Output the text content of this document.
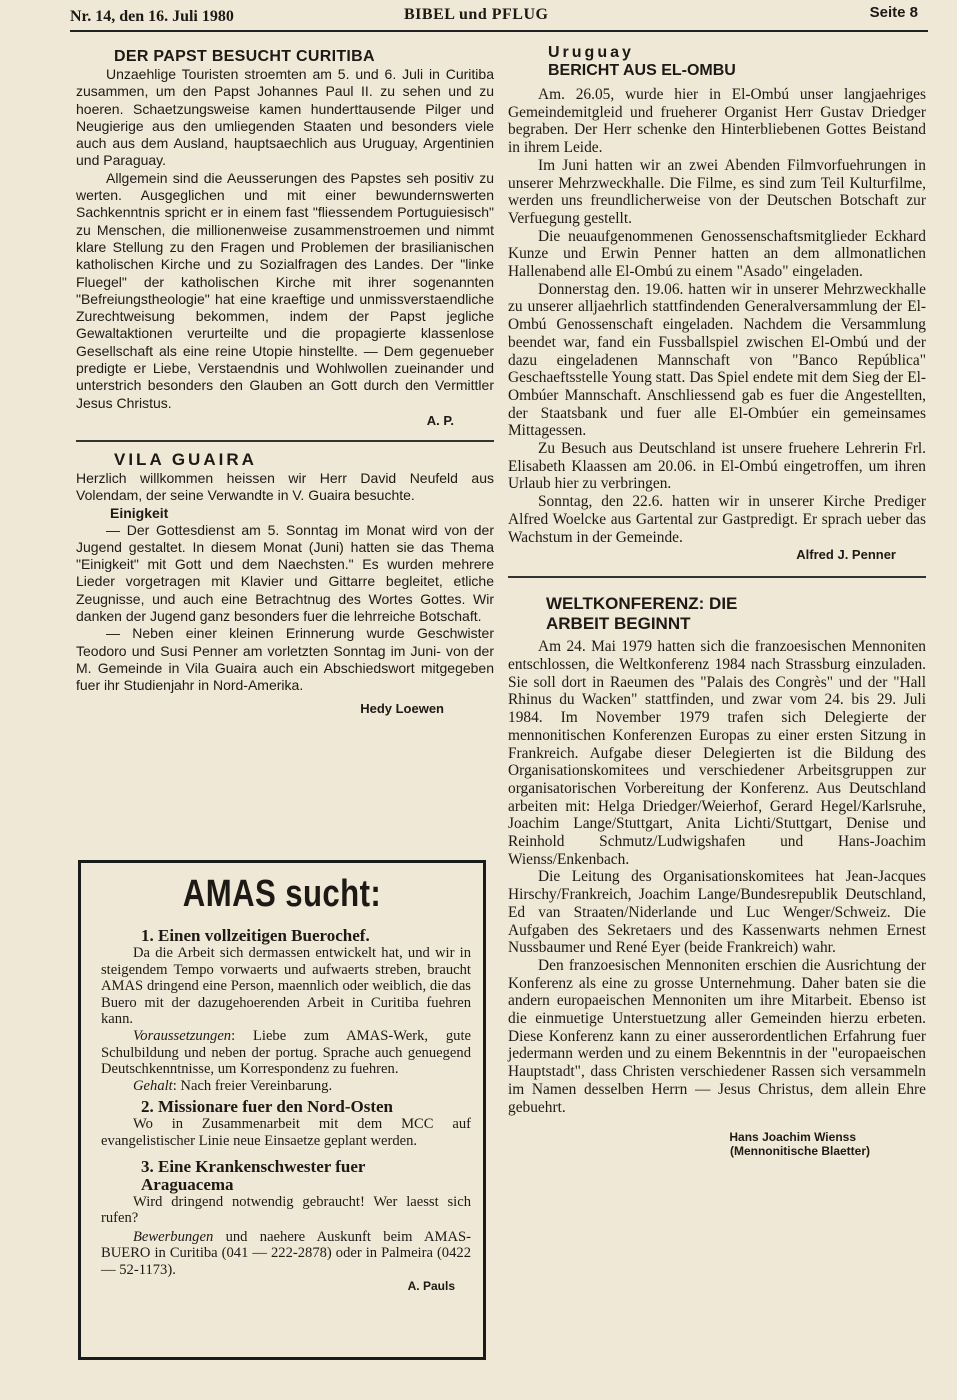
Nr. 14, den 16. Juli 1980	BIBEL und PFLUG	Seite 8
DER PAPST BESUCHT CURITIBA

Unzaehlige Touristen stroemten am 5. und 6. Juli in Curitiba zusammen, um den Papst Johannes Paul II. zu sehen und zu hoeren. Schaetzungsweise kamen hunderttausende Pilger und Neugierige aus den umliegenden Staaten und besonders viele auch aus dem Ausland, hauptsaechlich aus Uruguay, Argentinien und Paraguay.

Allgemein sind die Aeusserungen des Papstes seh positiv zu werten. Ausgeglichen und mit einer bewundernswerten Sachkenntnis spricht er in einem fast "fliessendem Portuguiesisch" zu Menschen, die millionenweise zusammenstroemen und nimmt klare Stellung zu den Fragen und Problemen der brasilianischen katholischen Kirche und zu Sozialfragen des Landes. Der "linke Fluegel" der katholischen Kirche mit ihrer sogenannten "Befreiungstheologie" hat eine kraeftige und unmissverstaendliche Zurechtweisung bekommen, indem der Papst jegliche Gewaltaktionen verurteilte und die propagierte klassenlose Gesellschaft als eine reine Utopie hinstellte. — Dem gegenueber predigte er Liebe, Verstaendnis und Wohlwollen zueinander und unterstrich besonders den Glauben an Gott durch den Vermittler Jesus Christus.

A. P.
VILA GUAIRA

Herzlich willkommen heissen wir Herr David Neufeld aus Volendam, der seine Verwandte in V. Guaira besuchte.

Einigkeit

— Der Gottesdienst am 5. Sonntag im Monat wird von der Jugend gestaltet. In diesem Monat (Juni) hatten sie das Thema "Einigkeit" mit Gott und dem Naechsten." Es wurden mehrere Lieder vorgetragen mit Klavier und Gittarre begleitet, etliche Zeugnisse, und auch eine Betrachtnug des Wortes Gottes. Wir danken der Jugend ganz besonders fuer die lehrreiche Botschaft.

— Neben einer kleinen Erinnerung wurde Geschwister Teodoro und Susi Penner am vorletzten Sonntag im Juni- von der M. Gemeinde in Vila Guaira auch ein Abschiedswort mitgegeben fuer ihr Studienjahr in Nord-Amerika.

Hedy Loewen
AMAS sucht:
1. Einen vollzeitigen Buerochef.

Da die Arbeit sich dermassen entwickelt hat, und wir in steigendem Tempo vorwaerts und aufwaerts streben, braucht AMAS dringend eine Person, maennlich oder weiblich, die das Buero mit der dazugehoerenden Arbeit in Curitiba fuehren kann.

Voraussetzungen: Liebe zum AMAS-Werk, gute Schulbildung und neben der portug. Sprache auch genuegend Deutschkenntnisse, um Korrespondenz zu fuehren.

Gehalt: Nach freier Vereinbarung.

2. Missionare fuer den Nord-Osten

Wo in Zusammenarbeit mit dem MCC auf evangelistischer Linie neue Einsaetze geplant werden.

3. Eine Krankenschwester fuer Araguacema

Wird dringend notwendig gebraucht! Wer laesst sich rufen?

Bewerbungen und naehere Auskunft beim AMAS-BUERO in Curitiba (041 — 222-2878) oder in Palmeira (0422 — 52-1173).

A. Pauls
Uruguay
BERICHT AUS EL-OMBU

Am. 26.05, wurde hier in El-Ombú unser langjaehriges Gemeindemitgleid und frueherer Organist Herr Gustav Driedger begraben. Der Herr schenke den Hinterbliebenen Gottes Beistand in ihrem Leide.

Im Juni hatten wir an zwei Abenden Filmvorfuehrungen in unserer Mehrzweckhalle. Die Filme, es sind zum Teil Kulturfilme, werden uns freundlicherweise von der Deutschen Botschaft zur Verfuegung gestellt.

Die neuaufgenommenen Genossenschaftsmitglieder Eckhard Kunze und Erwin Penner hatten an dem allmonatlichen Hallenabend alle El-Ombú zu einem "Asado" eingeladen.

Donnerstag den. 19.06. hatten wir in unserer Mehrzweckhalle zu unserer alljaehrlich stattfindenden Generalversammlung der El-Ombú Genossenschaft eingeladen. Nachdem die Versammlung beendet war, fand ein Fussballspiel zwischen El-Ombú und der dazu eingeladenen Mannschaft von "Banco República" Geschaeftsstelle Young statt. Das Spiel endete mit dem Sieg der El-Ombúer Mannschaft. Anschliessend gab es fuer die Angestellten, der Staatsbank und fuer alle El-Ombúer ein gemeinsames Mittagessen.

Zu Besuch aus Deutschland ist unsere fruehere Lehrerin Frl. Elisabeth Klaassen am 20.06. in El-Ombú eingetroffen, um ihren Urlaub hier zu verbringen.

Sonntag, den 22.6. hatten wir in unserer Kirche Prediger Alfred Woelcke aus Gartental zur Gastpredigt. Er sprach ueber das Wachstum in der Gemeinde.

Alfred J. Penner
WELTKONFERENZ: DIE
ARBEIT BEGINNT

Am 24. Mai 1979 hatten sich die franzoesischen Mennoniten entschlossen, die Weltkonferenz 1984 nach Strassburg einzuladen. Sie soll dort in Raeumen des "Palais des Congrès" und der "Hall Rhinus du Wacken" stattfinden, und zwar vom 24. bis 29. Juli 1984. Im November 1979 trafen sich Delegierte der mennonitischen Konferenzen Europas zu einer ersten Sitzung in Frankreich. Aufgabe dieser Delegierten ist die Bildung des Organisationskomitees und verschiedener Arbeitsgruppen zur organisatorischen Vorbereitung der Konferenz. Aus Deutschland arbeiten mit: Helga Driedger/Weierhof, Gerard Hegel/Karlsruhe, Joachim Lange/Stuttgart, Anita Lichti/Stuttgart, Denise und Reinhold Schmutz/Ludwigshafen und Hans-Joachim Wienss/Enkenbach.

Die Leitung des Organisationskomitees hat Jean-Jacques Hirschy/Frankreich, Joachim Lange/Bundesrepublik Deutschland, Ed van Straaten/Niderlande und Luc Wenger/Schweiz. Die Aufgaben des Sekretaers und des Kassenwarts nehmen Ernest Nussbaumer und René Eyer (beide Frankreich) wahr.

Den franzoesischen Mennoniten erschien die Ausrichtung der Konferenz als eine zu grosse Unternehmung. Daher baten sie die andern europaeischen Mennoniten um ihre Mitarbeit. Ebenso ist die einmuetige Unterstuetzung aller Gemeinden hierzu erbeten. Diese Konferenz kann zu einer ausserordentlichen Erfahrung fuer jedermann werden und zu einem Bekenntnis in der "europaeischen Hauptstadt", dass Christen verschiedener Rassen sich versammeln im Namen desselben Herrn — Jesus Christus, dem allein Ehre gebuehrt.

Hans Joachim Wienss
(Mennonitische Blaetter)
